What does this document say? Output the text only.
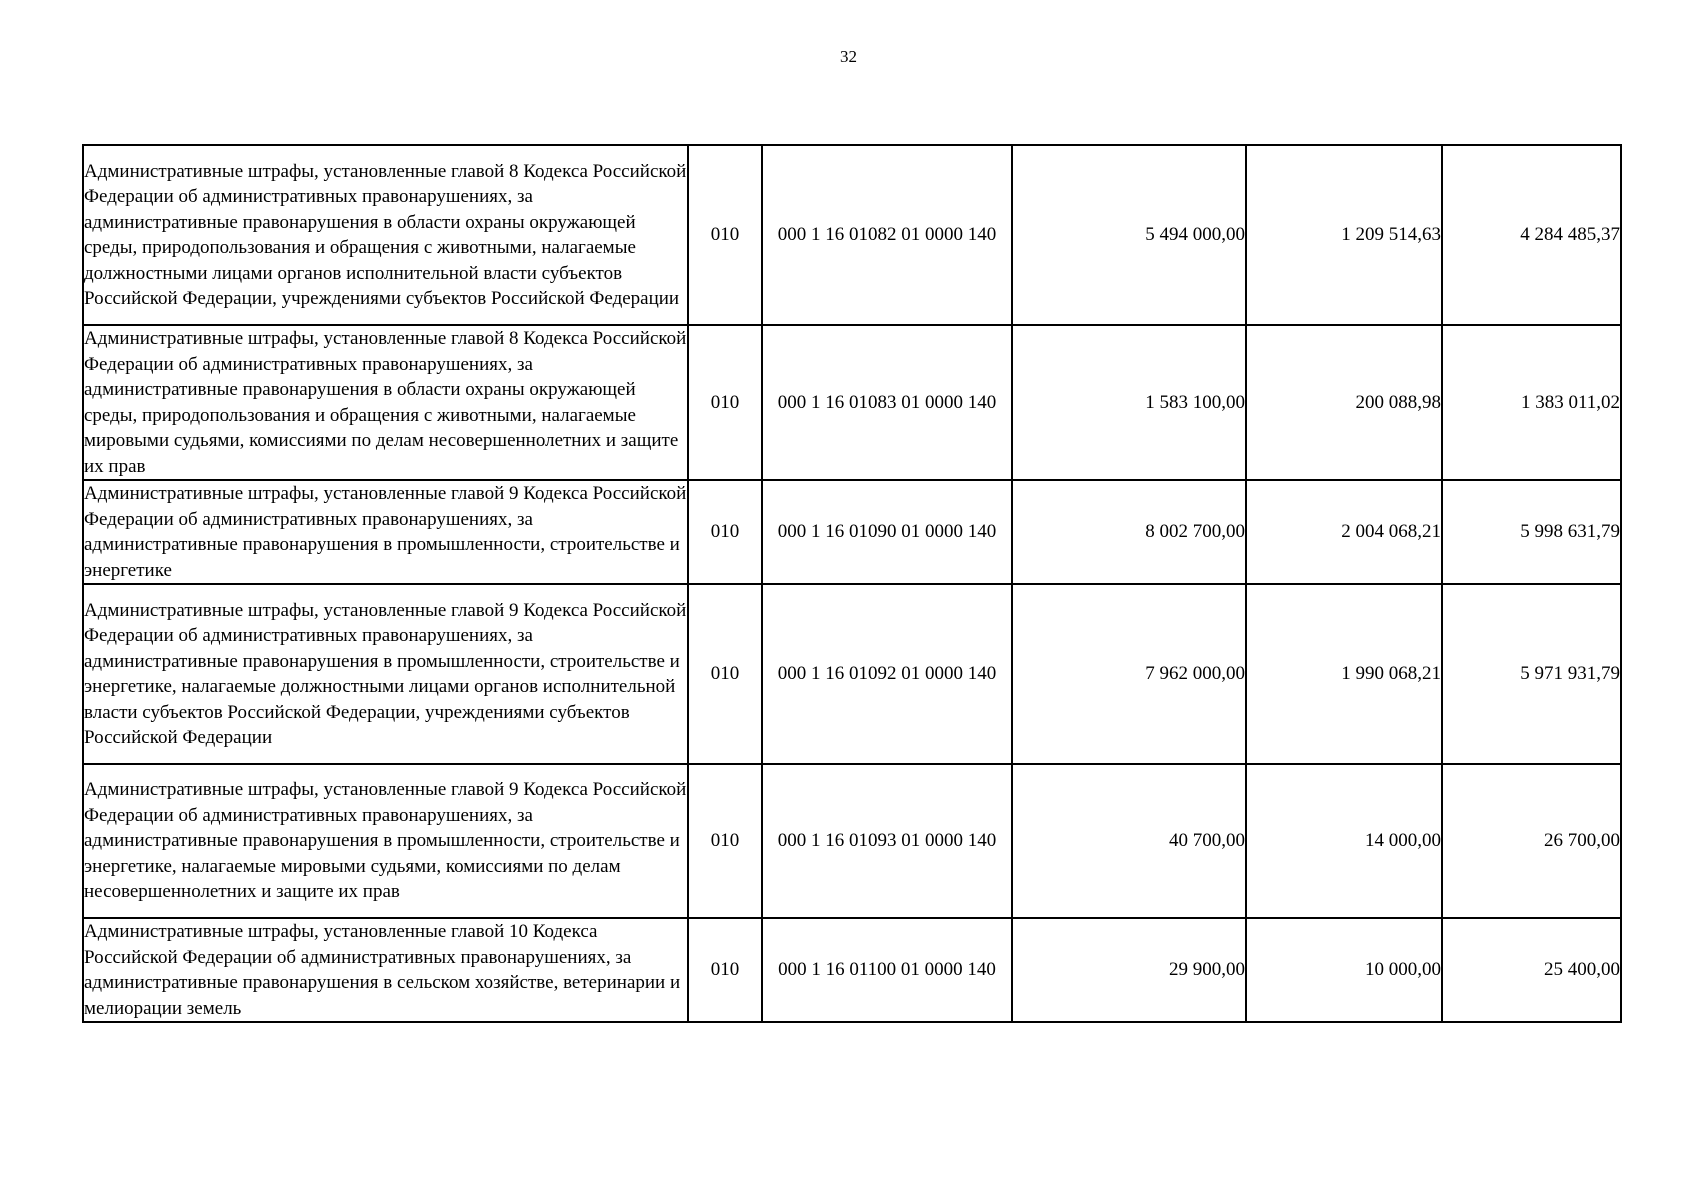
32
Административные штрафы, установленные главой 8 Кодекса Российской Федерации об административных правонарушениях, за административные правонарушения в области охраны окружающей среды, природопользования и обращения с животными, налагаемые должностными лицами органов исполнительной власти субъектов Российской Федерации, учреждениями субъектов Российской Федерации	010	000 1 16 01082 01 0000 140	5 494 000,00	1 209 514,63	4 284 485,37
Административные штрафы, установленные главой 8 Кодекса Российской Федерации об административных правонарушениях, за административные правонарушения в области охраны окружающей среды, природопользования и обращения с животными, налагаемые мировыми судьями, комиссиями по делам несовершеннолетних и защите их прав	010	000 1 16 01083 01 0000 140	1 583 100,00	200 088,98	1 383 011,02
Административные штрафы, установленные главой 9 Кодекса Российской Федерации об административных правонарушениях, за административные правонарушения в промышленности, строительстве и энергетике	010	000 1 16 01090 01 0000 140	8 002 700,00	2 004 068,21	5 998 631,79
Административные штрафы, установленные главой 9 Кодекса Российской Федерации об административных правонарушениях, за административные правонарушения в промышленности, строительстве и энергетике, налагаемые должностными лицами органов исполнительной власти субъектов Российской Федерации, учреждениями субъектов Российской Федерации	010	000 1 16 01092 01 0000 140	7 962 000,00	1 990 068,21	5 971 931,79
Административные штрафы, установленные главой 9 Кодекса Российской Федерации об административных правонарушениях, за административные правонарушения в промышленности, строительстве и энергетике, налагаемые мировыми судьями, комиссиями по делам несовершеннолетних и защите их прав	010	000 1 16 01093 01 0000 140	40 700,00	14 000,00	26 700,00
Административные штрафы, установленные главой 10 Кодекса Российской Федерации об административных правонарушениях, за административные правонарушения в сельском хозяйстве, ветеринарии и мелиорации земель	010	000 1 16 01100 01 0000 140	29 900,00	10 000,00	25 400,00
